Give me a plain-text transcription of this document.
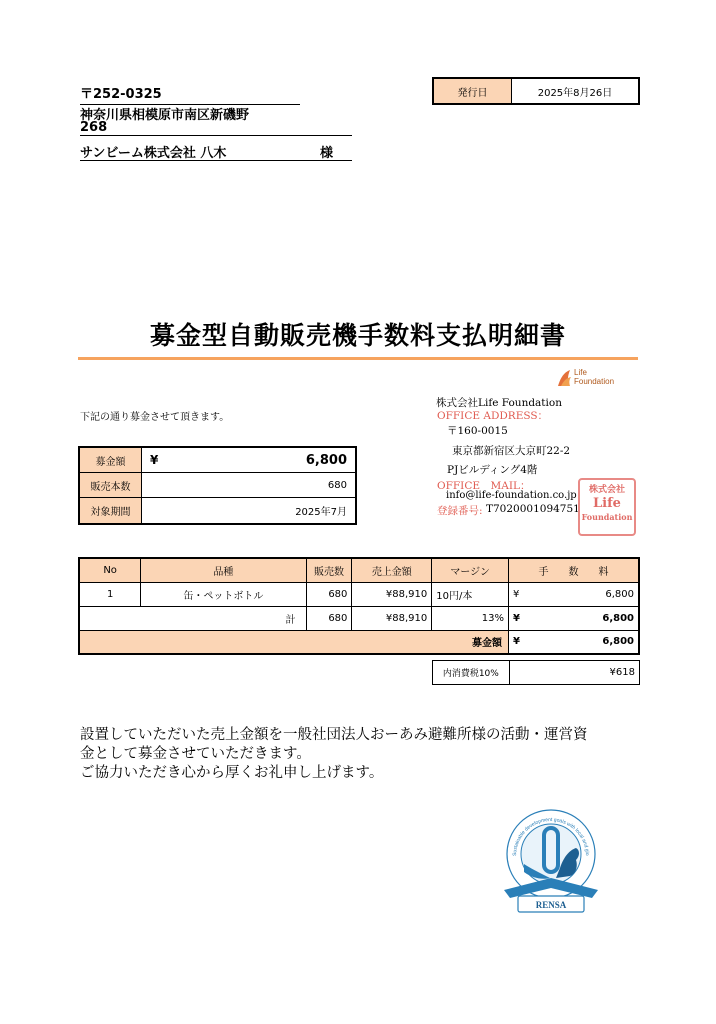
〒252-0325
神奈川県相模原市南区新磯野
268
サンビーム株式会社 八木	様
発行日	2025年8月26日
募金型自動販売機手数料支払明細書
Life
Foundation
株式会社Life Foundation
OFFICE ADDRESS：
〒160-0015
東京都新宿区大京町22-2
PJビルディング4階
OFFICE　MAIL：
info@life-foundation.co.jp
登録番号: T7020001094751
株式会社
Life
Foundation
下記の通り募金させて頂きます。
募金額	¥	6,800
販売本数	680
対象期間	2025年7月
No	品種	販売数	売上金額	マージン	手　　数　　料
1	缶・ペットボトル	680	¥88,910	10円/本	¥ 6,800

計		680	¥88,910	13%	¥ 6,800

募金額					¥ 6,800
内消費税10%	¥618
設置していただいた売上金額を一般社団法人おーあみ避難所様の活動・運営資
金として募金させていただきます。
ご協力いただき心から厚くお礼申し上げます。
Sustainable development goals with local and glo
RENSA
